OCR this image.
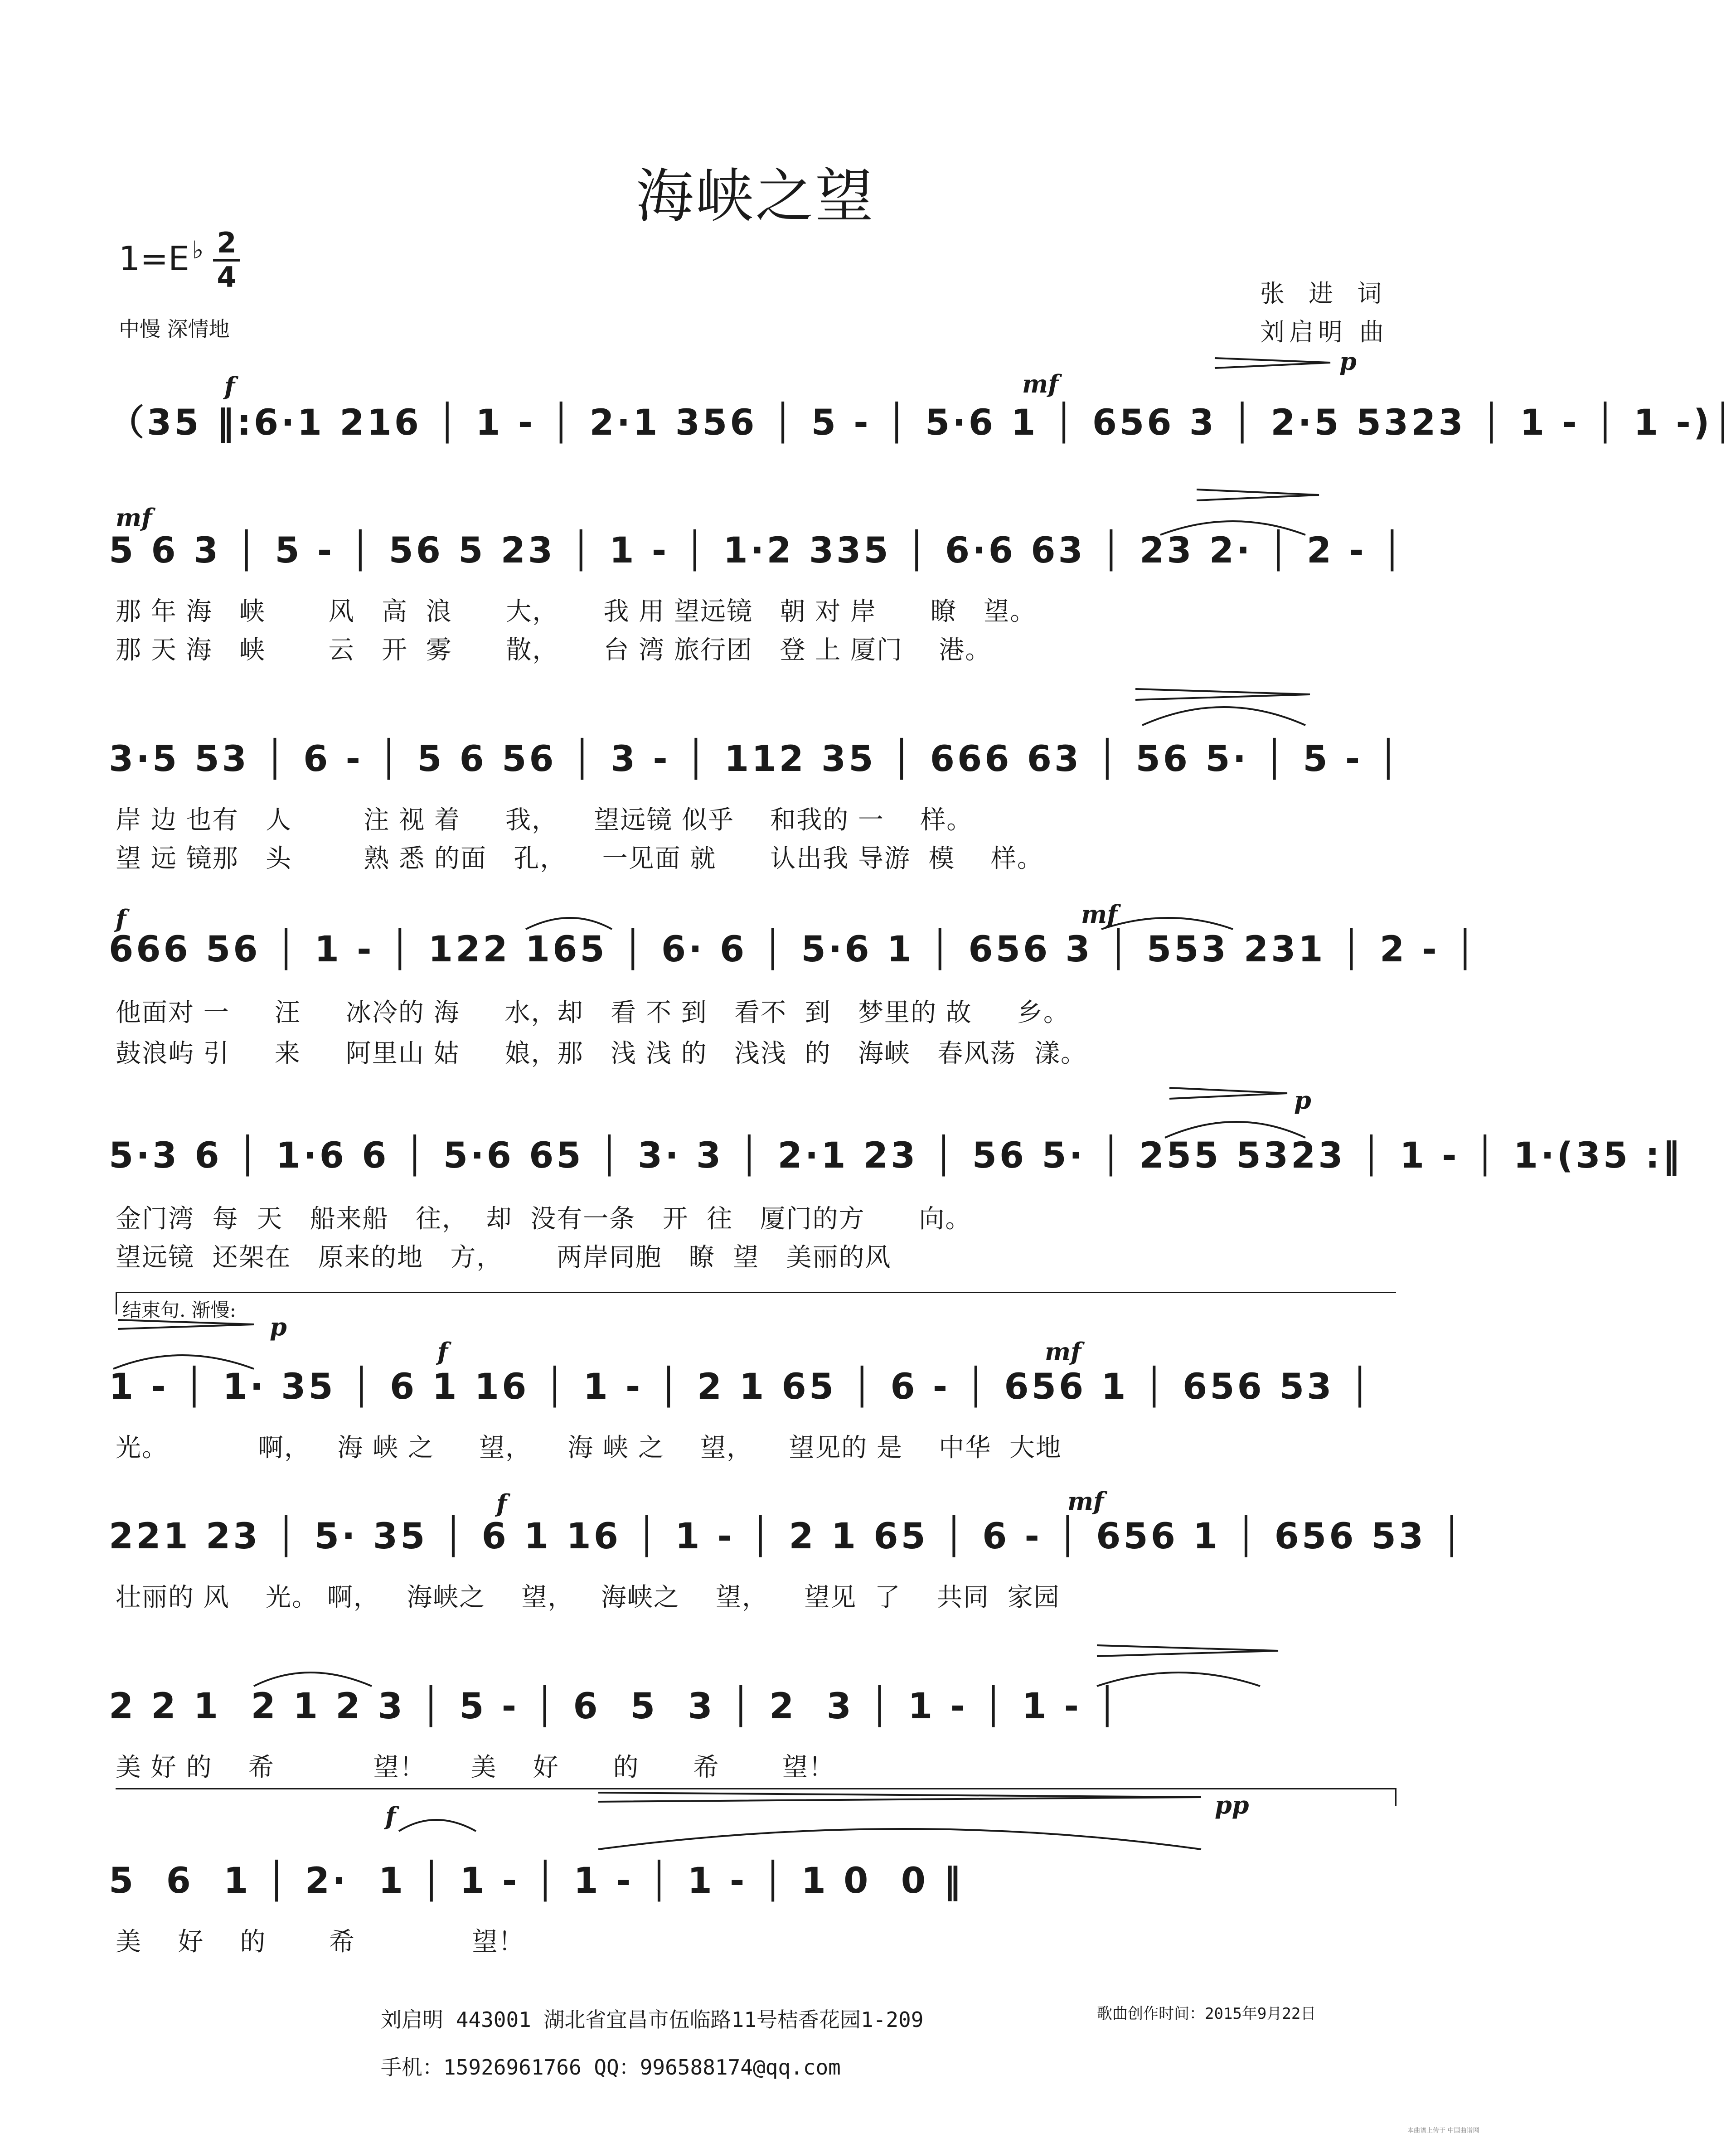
海峡之望
1=E ♭ 2
4
中慢 深情地
张 进 词
刘启明 曲
f	mf
p
mf
f	mf
p
p
f	mf
f	mf
f	pp
（35 ‖:6·1 216 │ 1 - │ 2·1 356 │ 5 - │ 5·6 1 │ 656 3 │ 2·5 5323 │ 1 - │ 1 -)│
5 6 3 │ 5 - │ 56 5 23 │ 1 - │ 1·2 335 │ 6·6 63 │ 23 2· │ 2 - │
那 年 海   峡       风   高  浪      大，     我 用 望远镜   朝 对 岸      瞭   望。
那 天 海   峡       云   开  雾      散，     台 湾 旅行团   登 上 厦门    港。
3·5 53 │ 6 - │ 5 6 56 │ 3 - │ 112 35 │ 666 63 │ 56 5· │ 5 - │
岸 边 也有   人        注 视 着     我，    望远镜 似乎    和我的 一    样。
望 远 镜那   头        熟 悉 的面   孔，    一见面 就      认出我 导游  模    样。
666 56 │ 1 - │ 122 165 │ 6· 6 │ 5·6 1 │ 656 3 │ 553 231 │ 2 - │
他面对 一     汪     冰冷的 海     水，却   看 不 到   看不  到   梦里的 故     乡。
鼓浪屿 引     来     阿里山 姑     娘，那   浅 浅 的   浅浅  的   海峡   春风荡  漾。
5·3 6 │ 1·6 6 │ 5·6 65 │ 3· 3 │ 2·1 23 │ 56 5· │ 255 5323 │ 1 - │ 1·(35 :‖
金门湾  每  天   船来船   往，  却  没有一条   开  往   厦门的方      向。
望远镜  还架在   原来的地   方，      两岸同胞   瞭  望   美丽的风
结束句. 渐慢:
1 - │ 1· 35 │ 6 1 16 │ 1 - │ 2 1 65 │ 6 - │ 656 1 │ 656 53 │
光。          啊，   海 峡 之     望，    海 峡 之    望，    望见的 是    中华  大地
221 23 │ 5· 35 │ 6 1 16 │ 1 - │ 2 1 65 │ 6 - │ 656 1 │ 656 53 │
壮丽的 风    光。 啊，   海峡之    望，   海峡之    望，    望见  了    共同  家园
2 2 1  2 1 2 3 │ 5 - │ 6  5  3 │ 2  3 │ 1 - │ 1 - │
美 好 的    希           望！     美    好      的      希       望！
5  6  1 │ 2·  1 │ 1 - │ 1 - │ 1 - │ 1 0  0 ‖
美    好    的       希             望！
刘启明 443001 湖北省宜昌市伍临路11号桔香花园1-209
手机：15926961766 QQ：996588174@qq.com
歌曲创作时间：2015年9月22日
本曲谱上传于 中国曲谱网
